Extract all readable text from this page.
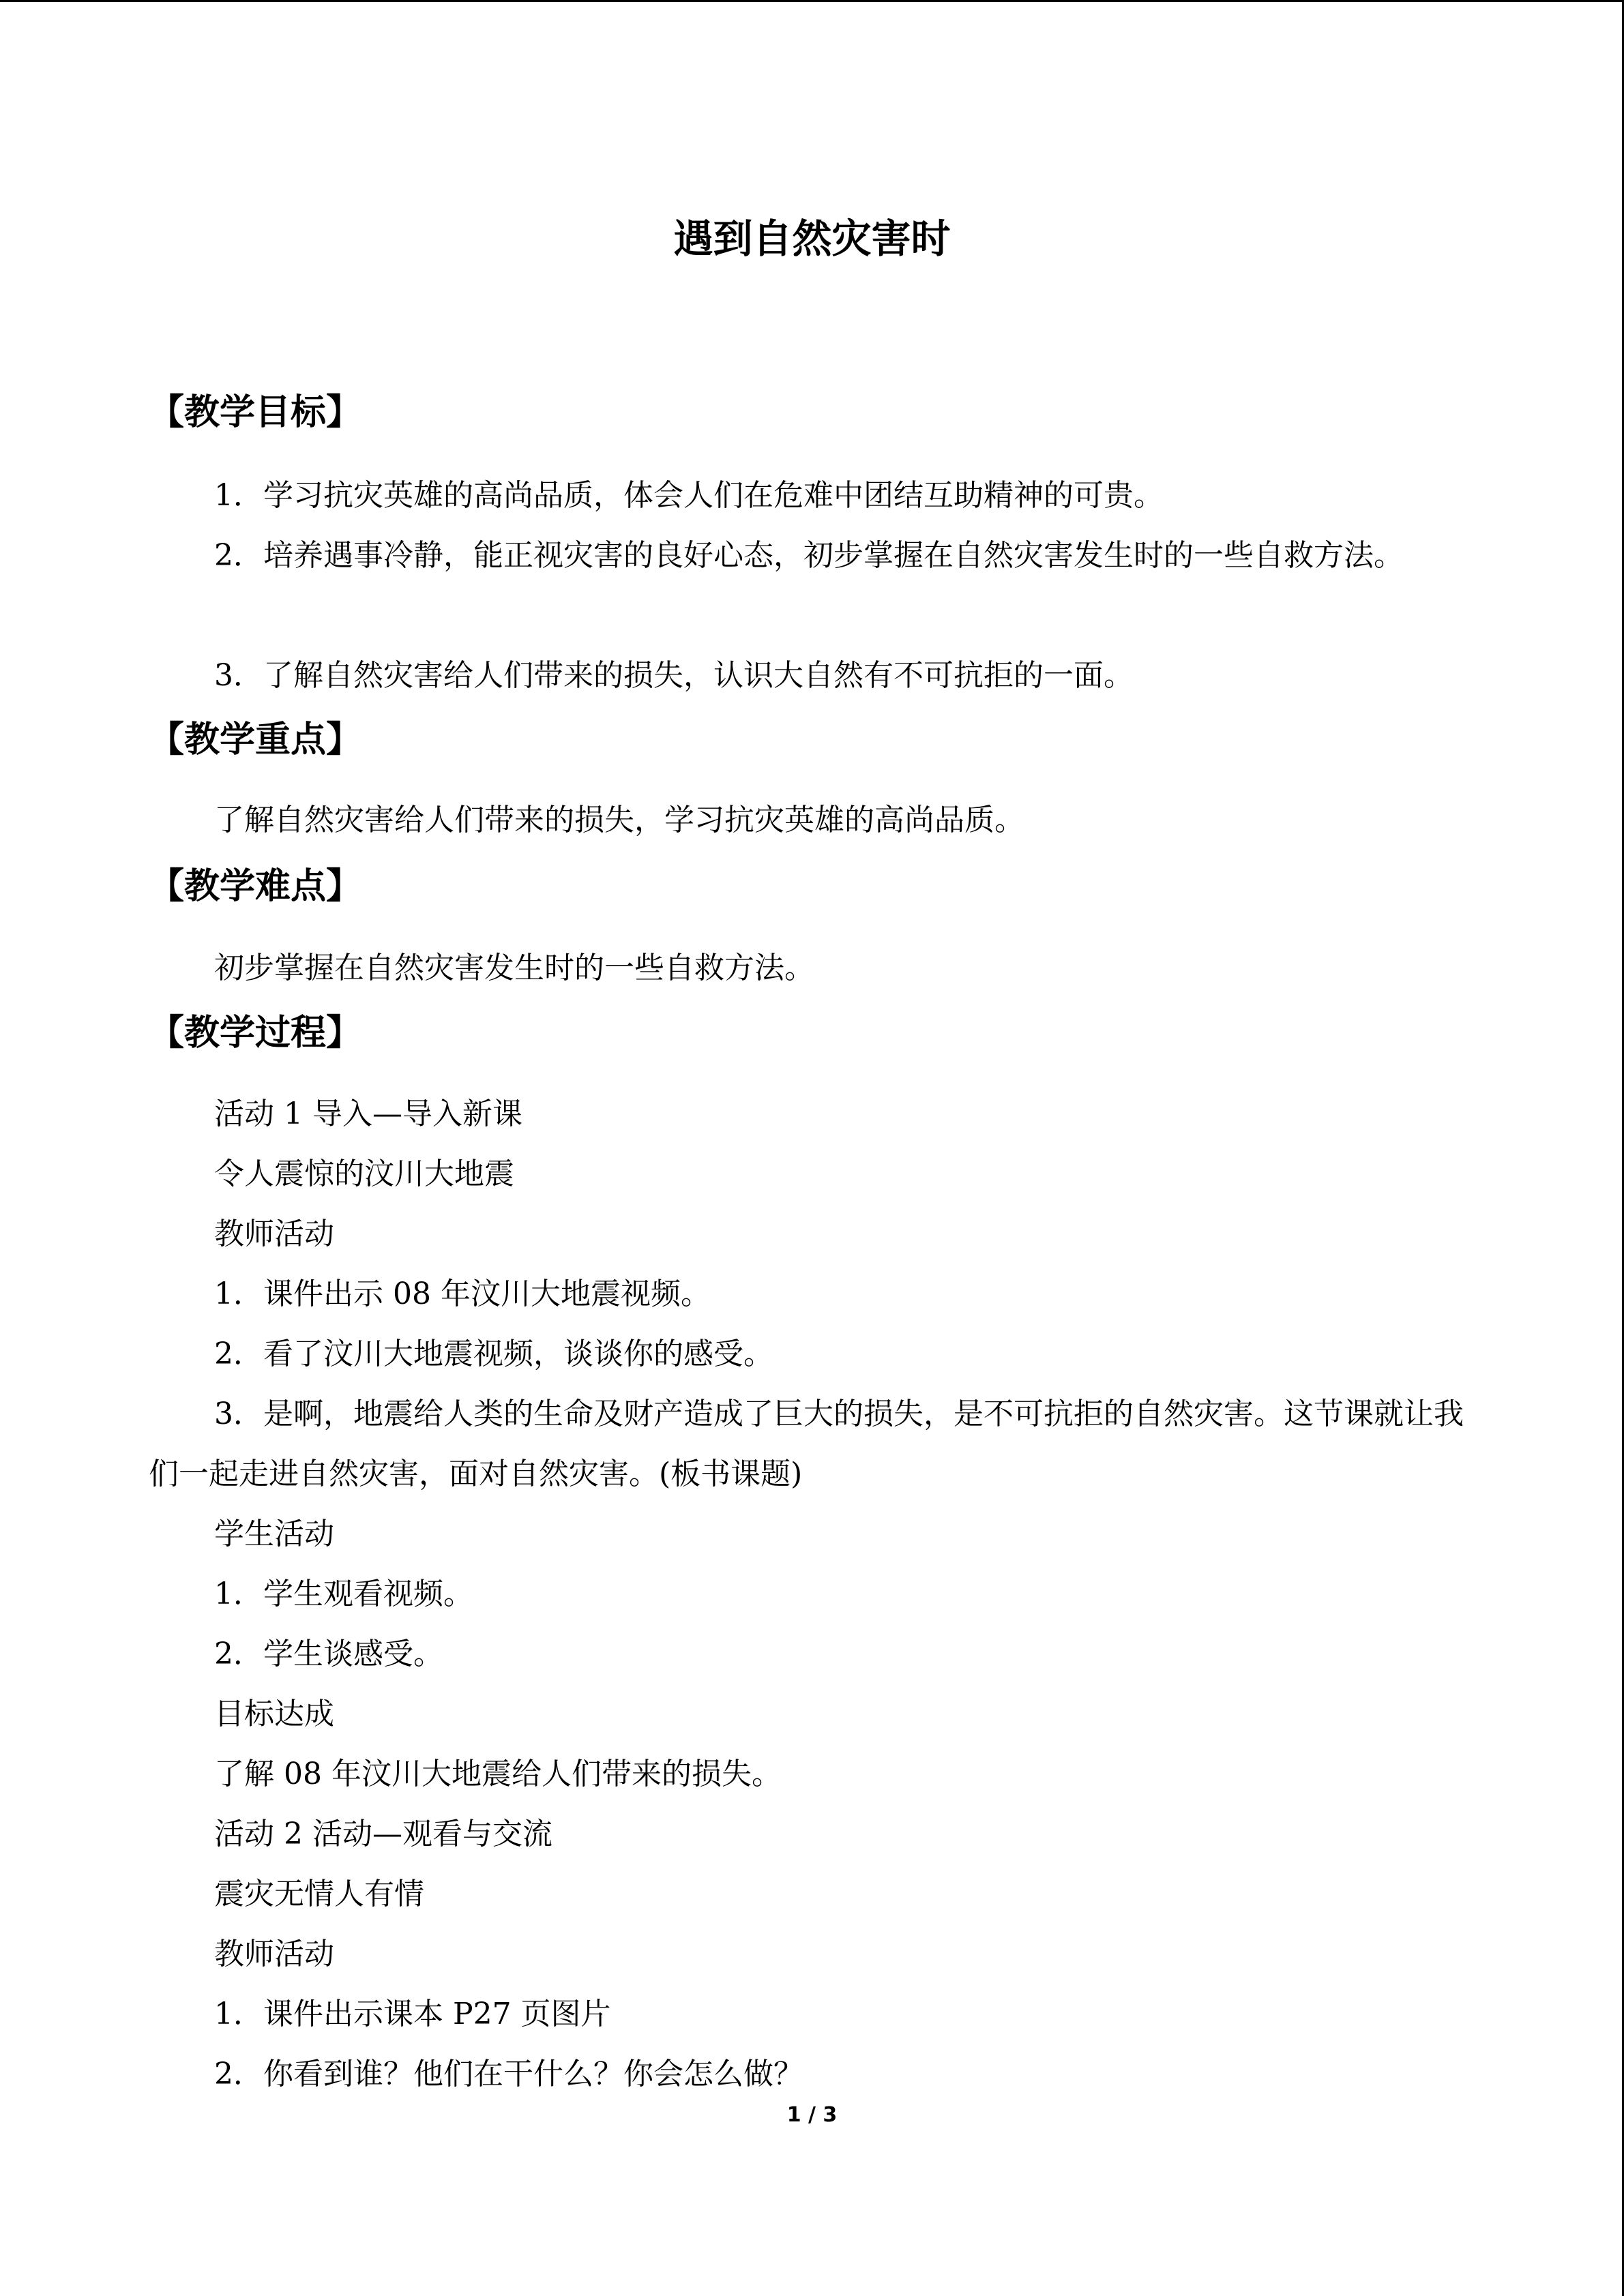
遇到自然灾害时
【教学目标】

1．学习抗灾英雄的高尚品质，体会人们在危难中团结互助精神的可贵。

2．培养遇事冷静，能正视灾害的良好心态，初步掌握在自然灾害发生时的一些自救方法。

3．了解自然灾害给人们带来的损失，认识大自然有不可抗拒的一面。

【教学重点】

了解自然灾害给人们带来的损失，学习抗灾英雄的高尚品质。

【教学难点】

初步掌握在自然灾害发生时的一些自救方法。

【教学过程】
活动 1 导入—导入新课
令人震惊的汶川大地震
教师活动
1．课件出示 08 年汶川大地震视频。
2．看了汶川大地震视频，谈谈你的感受。

3．是啊，地震给人类的生命及财产造成了巨大的损失，是不可抗拒的自然灾害。这节课就让我们一起走进自然灾害，面对自然灾害。(板书课题)

学生活动
1．学生观看视频。
2．学生谈感受。
目标达成
了解 08 年汶川大地震给人们带来的损失。
活动 2 活动—观看与交流
震灾无情人有情
教师活动
1．课件出示课本 P27 页图片
2．你看到谁？他们在干什么？你会怎么做？
1 / 3
